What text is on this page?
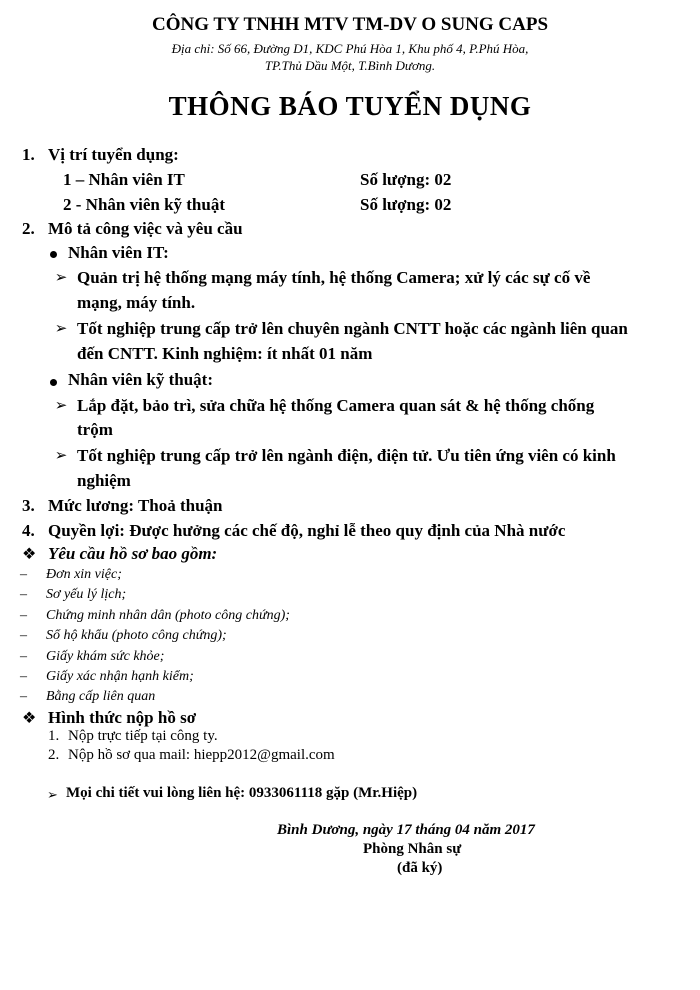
CÔNG TY TNHH MTV TM-DV O SUNG CAPS
Địa chỉ: Số 66, Đường D1, KDC Phú Hòa 1, Khu phố 4, P.Phú Hòa,
TP.Thủ Dầu Một, T.Bình Dương.
THÔNG BÁO TUYỂN DỤNG
1. Vị trí tuyển dụng:
1 – Nhân viên IT	Số lượng: 02
2 - Nhân viên kỹ thuật	Số lượng: 02
2. Mô tả công việc và yêu cầu
Nhân viên IT:
➢ Quản trị hệ thống mạng máy tính, hệ thống Camera; xử lý các sự cố về
mạng, máy tính.
➢ Tốt nghiệp trung cấp trở lên chuyên ngành CNTT hoặc các ngành liên quan
đến CNTT. Kinh nghiệm: ít nhất 01 năm
Nhân viên kỹ thuật:
➢ Lắp đặt, bảo trì, sửa chữa hệ thống Camera quan sát & hệ thống chống
trộm
➢ Tốt nghiệp trung cấp trở lên ngành điện, điện tử. Ưu tiên ứng viên có kinh
nghiệm
3. Mức lương: Thoả thuận
4. Quyền lợi: Được hưởng các chế độ, nghỉ lễ theo quy định của Nhà nước
❖ Yêu cầu hồ sơ bao gồm:
– Đơn xin việc;
– Sơ yếu lý lịch;
– Chứng minh nhân dân (photo công chứng);
– Sổ hộ khẩu (photo công chứng);
– Giấy khám sức khỏe;
– Giấy xác nhận hạnh kiểm;
– Bằng cấp liên quan
❖ Hình thức nộp hồ sơ
1. Nộp trực tiếp tại công ty.
2. Nộp hồ sơ qua mail: hiepp2012@gmail.com
➢ Mọi chi tiết vui lòng liên hệ: 0933061118 gặp (Mr.Hiệp)
Bình Dương, ngày 17 tháng 04 năm 2017
Phòng Nhân sự
(đã ký)
